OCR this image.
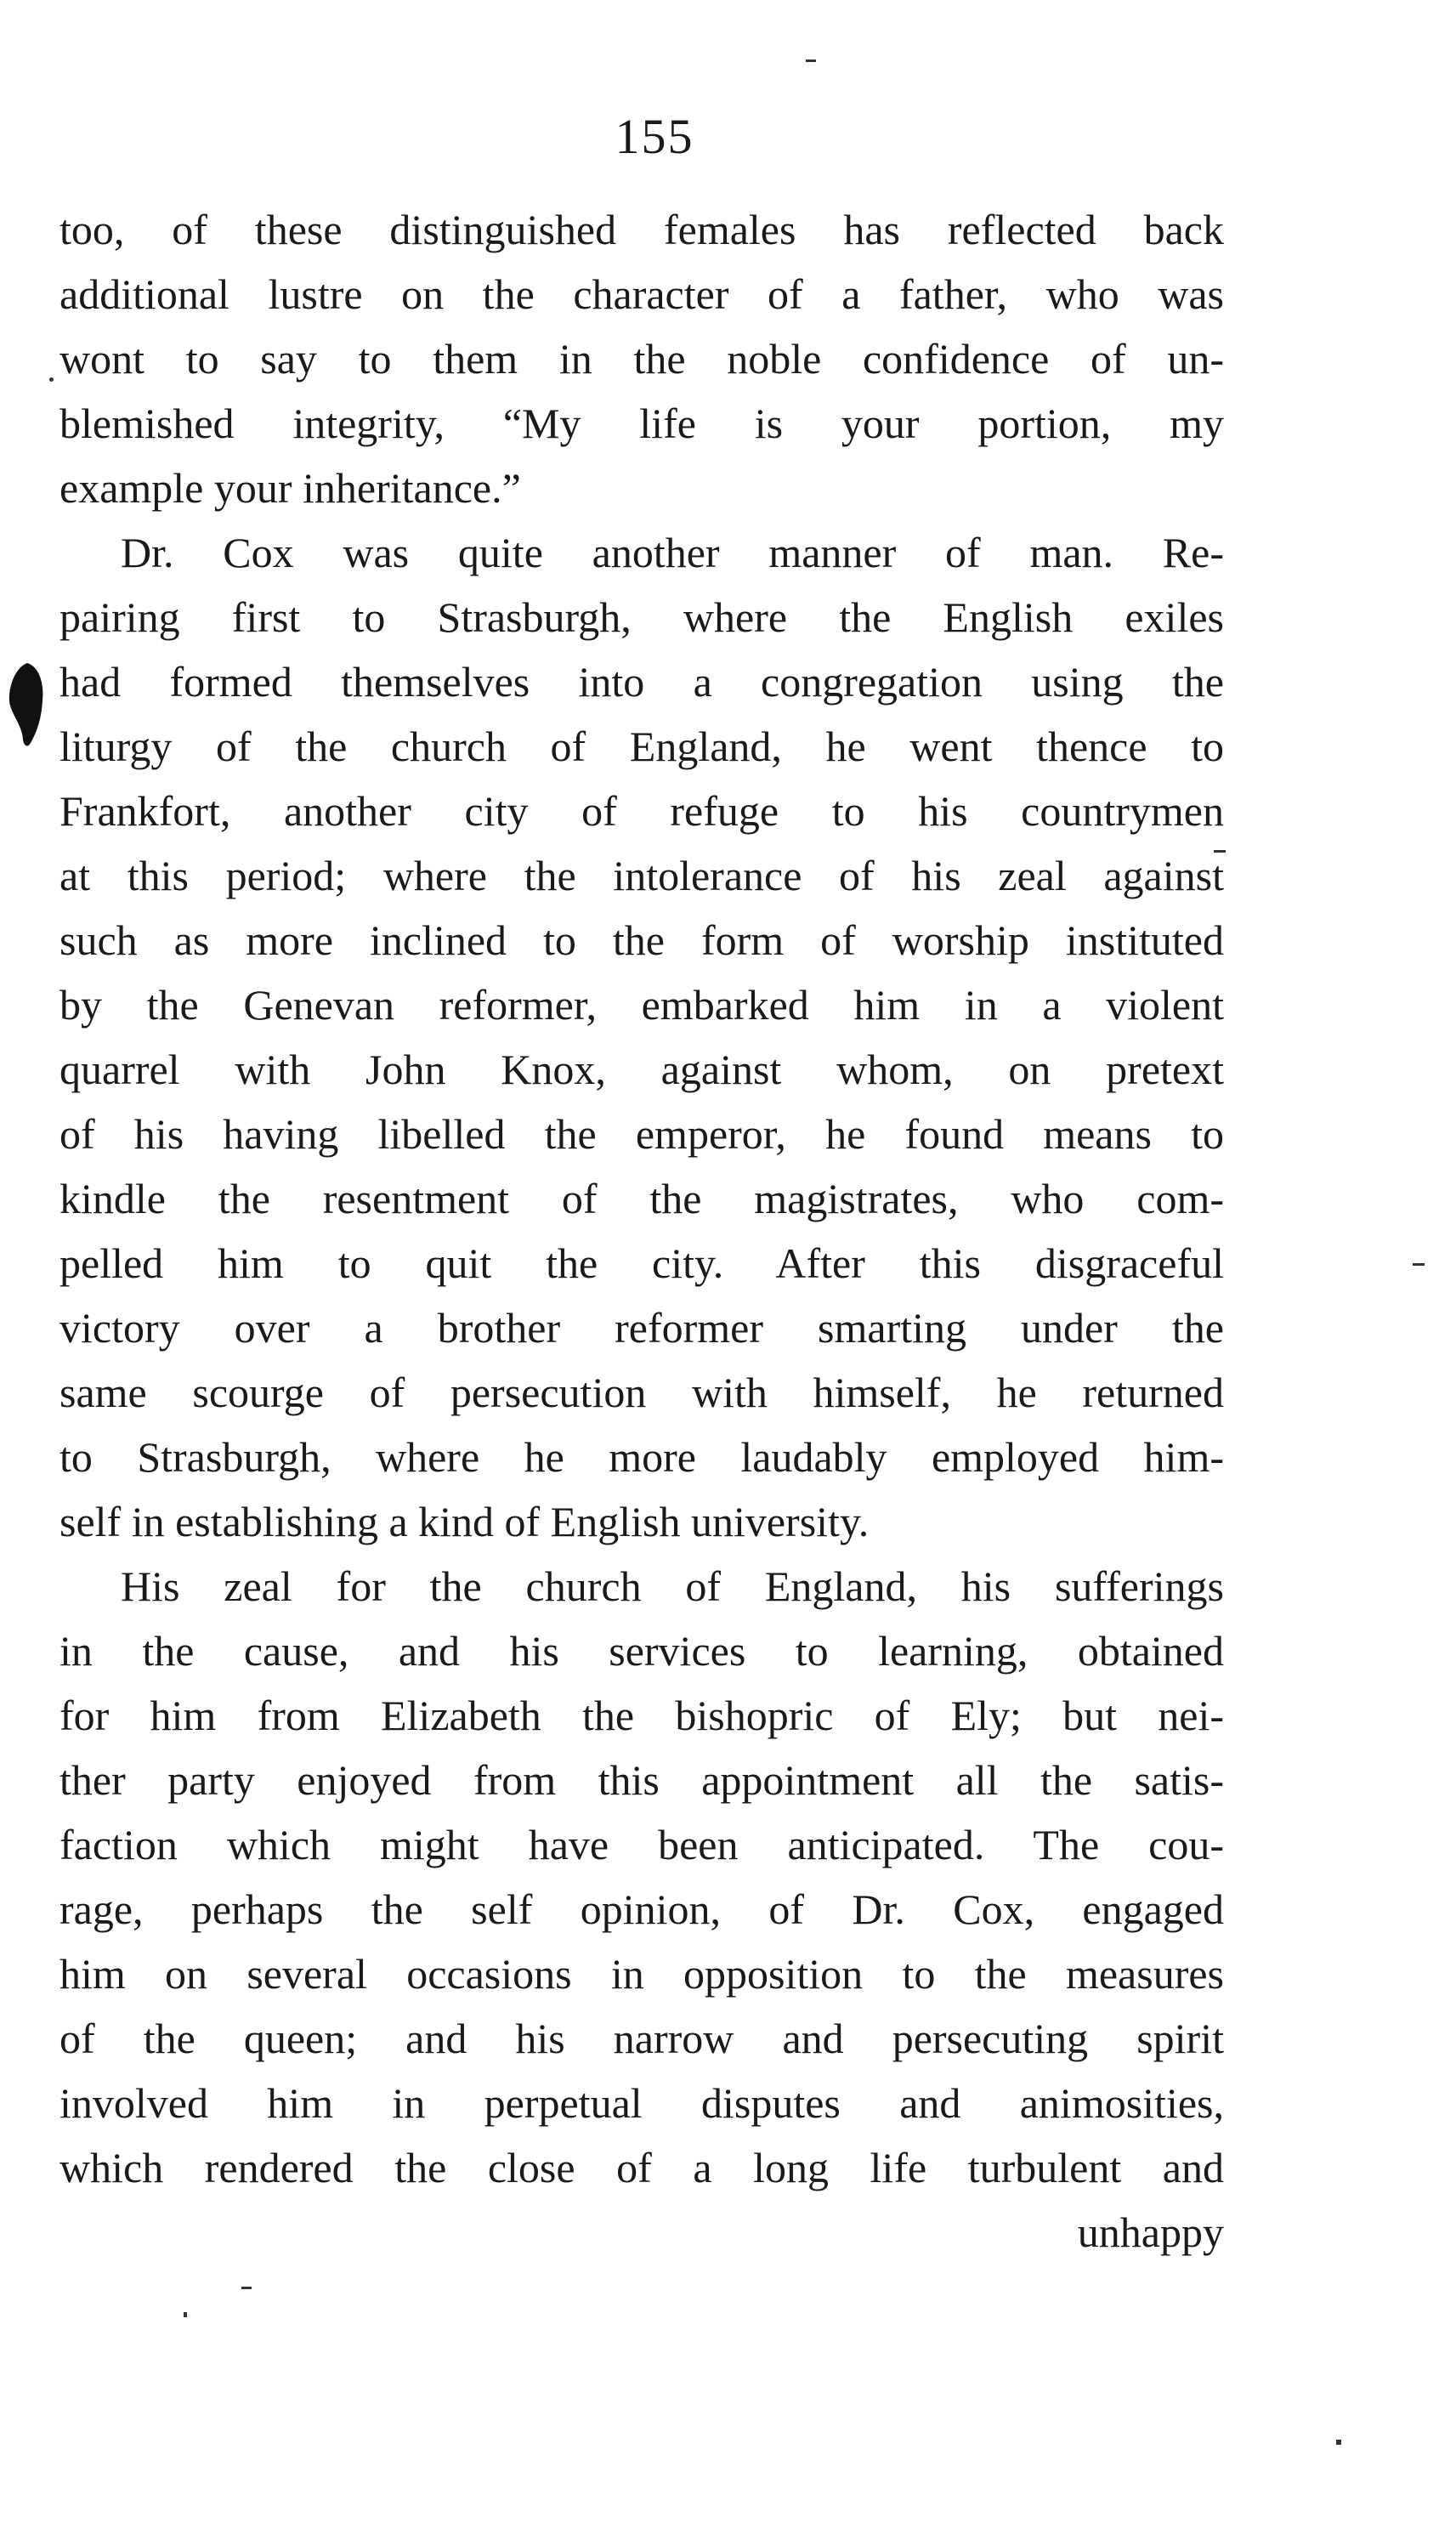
155
too, of these distinguished females has reflected back
additional lustre on the character of a father, who was
wont to say to them in the noble confidence of un-
blemished integrity, “My life is your portion, my
example your inheritance.”
Dr. Cox was quite another manner of man. Re-
pairing first to Strasburgh, where the English exiles
had formed themselves into a congregation using the
liturgy of the church of England, he went thence to
Frankfort, another city of refuge to his countrymen
at this period; where the intolerance of his zeal against
such as more inclined to the form of worship instituted
by the Genevan reformer, embarked him in a violent
quarrel with John Knox, against whom, on pretext
of his having libelled the emperor, he found means to
kindle the resentment of the magistrates, who com-
pelled him to quit the city. After this disgraceful
victory over a brother reformer smarting under the
same scourge of persecution with himself, he returned
to Strasburgh, where he more laudably employed him-
self in establishing a kind of English university.
His zeal for the church of England, his sufferings
in the cause, and his services to learning, obtained
for him from Elizabeth the bishopric of Ely; but nei-
ther party enjoyed from this appointment all the satis-
faction which might have been anticipated. The cou-
rage, perhaps the self opinion, of Dr. Cox, engaged
him on several occasions in opposition to the measures
of the queen; and his narrow and persecuting spirit
involved him in perpetual disputes and animosities,
which rendered the close of a long life turbulent and
unhappy
